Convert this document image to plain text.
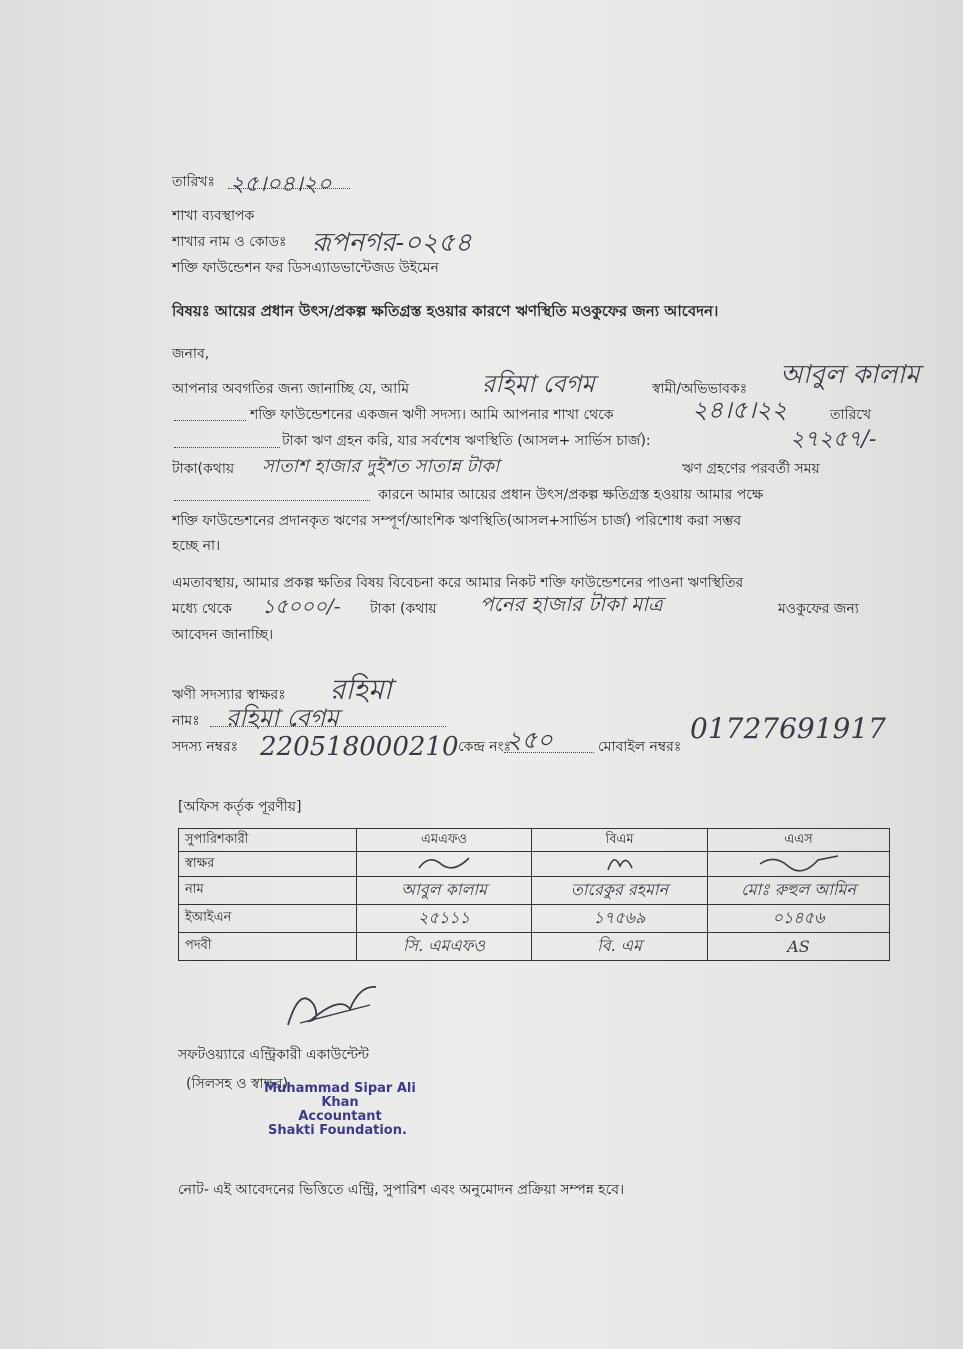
তারিখঃ ২৫।০৪।২০
শাখা ব্যবস্থাপক
শাখার নাম ও কোডঃ রূপনগর-০২৫৪
শক্তি ফাউন্ডেশন ফর ডিসএ্যাডভান্টেজড উইমেন
বিষয়ঃ আয়ের প্রধান উৎস/প্রকল্প ক্ষতিগ্রস্ত হওয়ার কারণে ঋণস্থিতি মওকুফের জন্য আবেদন।
জনাব,
আপনার অবগতির জন্য জানাচ্ছি যে, আমি	রহিমা বেগম	স্বামী/অভিভাবকঃ আবুল কালাম
শক্তি ফাউন্ডেশনের একজন ঋণী সদস্য। আমি আপনার শাখা থেকে	২৪।৫।২২	তারিখে
টাকা ঋণ গ্রহন করি, যার সর্বশেষ ঋণস্থিতি (আসল+ সার্ভিস চার্জ):	২৭২৫৭/-
টাকা(কথায় সাতাশ হাজার দুইশত সাতান্ন টাকা	ঋণ গ্রহণের পরবর্তী সময়
কারনে আমার আয়ের প্রধান উৎস/প্রকল্প ক্ষতিগ্রস্ত হওয়ায় আমার পক্ষে
শক্তি ফাউন্ডেশনের প্রদানকৃত ঋণের সম্পূর্ণ/আংশিক ঋণস্থিতি(আসল+সার্ভিস চার্জ) পরিশোধ করা সম্ভব
হচ্ছে না।
এমতাবস্থায়, আমার প্রকল্প ক্ষতির বিষয় বিবেচনা করে আমার নিকট শক্তি ফাউন্ডেশনের পাওনা ঋণস্থিতির
মধ্যে থেকে ১৫০০০/- টাকা (কথায় পনের হাজার টাকা মাত্র	মওকুফের জন্য
আবেদন জানাচ্ছি।
ঋণী সদস্যার স্বাক্ষরঃ রহিমা
নামঃ রহিমা বেগম
সদস্য নম্বরঃ 220518000210 কেন্দ্র নংঃ
২৫০	মোবাইল নম্বরঃ
01727691917
[অফিস কর্তৃক পূরণীয়]
সুপারিশকারী	এমএফও	বিএম	এএস
স্বাক্ষর			
নাম	আবুল কালাম	তারেকুর রহমান	মোঃ রুহুল আমিন
ইআইএন	২৫১১১	১৭৫৬৯	০১৪৫৬
পদবী	সি. এমএফও	বি. এম	AS
সফটওয়্যারে এন্ট্রিকারী একাউন্টেন্ট
(সিলসহ ও স্বাক্ষর)
Muhammad Sipar Ali Khan
Accountant
Shakti Foundation.
নোট- এই আবেদনের ভিত্তিতে এন্ট্রি, সুপারিশ এবং অনুমোদন প্রক্রিয়া সম্পন্ন হবে।
